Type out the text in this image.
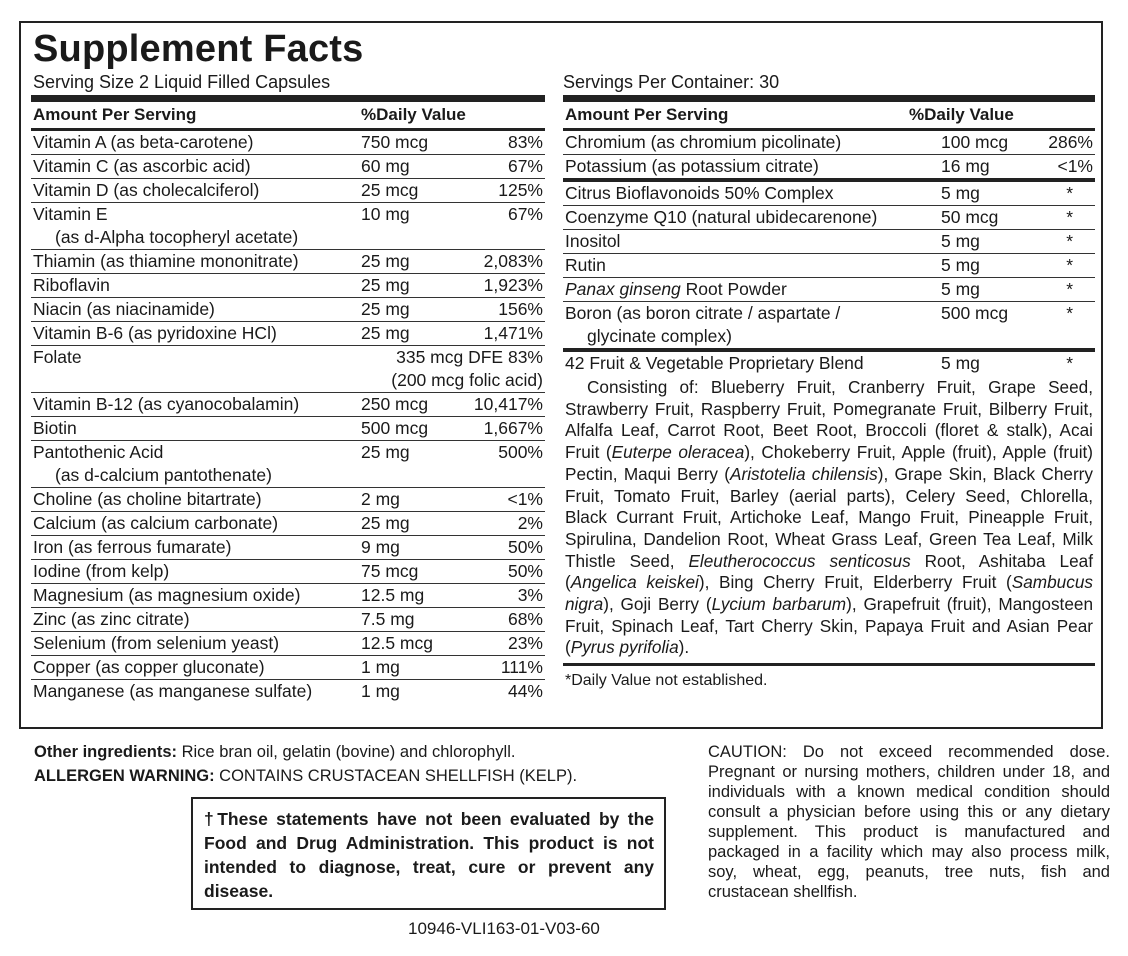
Supplement Facts
Serving Size 2 Liquid Filled Capsules	Servings Per Container: 30
Amount Per Serving	%Daily Value
Vitamin A (as beta-carotene)	750 mcg	83%
Vitamin C (as ascorbic acid)	60 mg	67%
Vitamin D (as cholecalciferol)	25 mcg	125%
Vitamin E
(as d-Alpha tocopheryl acetate)
10 mg	67%
Thiamin (as thiamine mononitrate)	25 mg	2,083%
Riboflavin	25 mg	1,923%
Niacin (as niacinamide)	25 mg	156%
Vitamin B-6 (as pyridoxine HCl)	25 mg	1,471%
Folate	335 mcg DFE 83%
(200 mcg folic acid)
Vitamin B-12 (as cyanocobalamin)	250 mcg	10,417%
Biotin	500 mcg	1,667%
Pantothenic Acid
(as d-calcium pantothenate)
25 mg	500%
Choline (as choline bitartrate)	2 mg	<1%
Calcium (as calcium carbonate)	25 mg	2%
Iron (as ferrous fumarate)	9 mg	50%
Iodine (from kelp)	75 mcg	50%
Magnesium (as magnesium oxide)	12.5 mg	3%
Zinc (as zinc citrate)	7.5 mg	68%
Selenium (from selenium yeast)	12.5 mcg	23%
Copper (as copper gluconate)	1 mg	111%
Manganese (as manganese sulfate)	1 mg	44%
Amount Per Serving	%Daily Value
Chromium (as chromium picolinate)	100 mcg 286%
Potassium (as potassium citrate)	16 mg	<1%
Citrus Bioflavonoids 50% Complex	5 mg	*
Coenzyme Q10 (natural ubidecarenone)	50 mcg	*
Inositol	5 mg	*
Rutin	5 mg	*
Panax ginseng Root Powder	5 mg	*
Boron (as boron citrate / aspartate /
glycinate complex)
500 mcg	*
42 Fruit & Vegetable Proprietary Blend	5 mg	*
Consisting of: Blueberry Fruit, Cranberry Fruit, Grape Seed, Strawberry Fruit, Raspberry Fruit, Pomegranate Fruit, Bilberry Fruit, Alfalfa Leaf, Carrot Root, Beet Root, Broccoli (floret & stalk), Acai Fruit (Euterpe oleracea), Chokeberry Fruit, Apple (fruit), Apple (fruit) Pectin, Maqui Berry (Aristotelia chilensis), Grape Skin, Black Cherry Fruit, Tomato Fruit, Barley (aerial parts), Celery Seed, Chlorella, Black Currant Fruit, Artichoke Leaf, Mango Fruit, Pineapple Fruit, Spirulina, Dandelion Root, Wheat Grass Leaf, Green Tea Leaf, Milk Thistle Seed, Eleutherococcus senticosus Root, Ashitaba Leaf (Angelica keiskei), Bing Cherry Fruit, Elderberry Fruit (Sambucus nigra), Goji Berry (Lycium barbarum), Grapefruit (fruit), Mangosteen Fruit, Spinach Leaf, Tart Cherry Skin, Papaya Fruit and Asian Pear (Pyrus pyrifolia).
*Daily Value not established.
Other ingredients: Rice bran oil, gelatin (bovine) and chlorophyll.
ALLERGEN WARNING: CONTAINS CRUSTACEAN SHELLFISH (KELP).
†These statements have not been evaluated by the Food and Drug Administration. This product is not intended to diagnose, treat, cure or prevent any disease.
CAUTION: Do not exceed recommended dose. Pregnant or nursing mothers, children under 18, and individuals with a known medical condition should consult a physician before using this or any dietary supplement. This product is manufactured and packaged in a facility which may also process milk, soy, wheat, egg, peanuts, tree nuts, fish and crustacean shellfish.
10946-VLI163-01-V03-60
